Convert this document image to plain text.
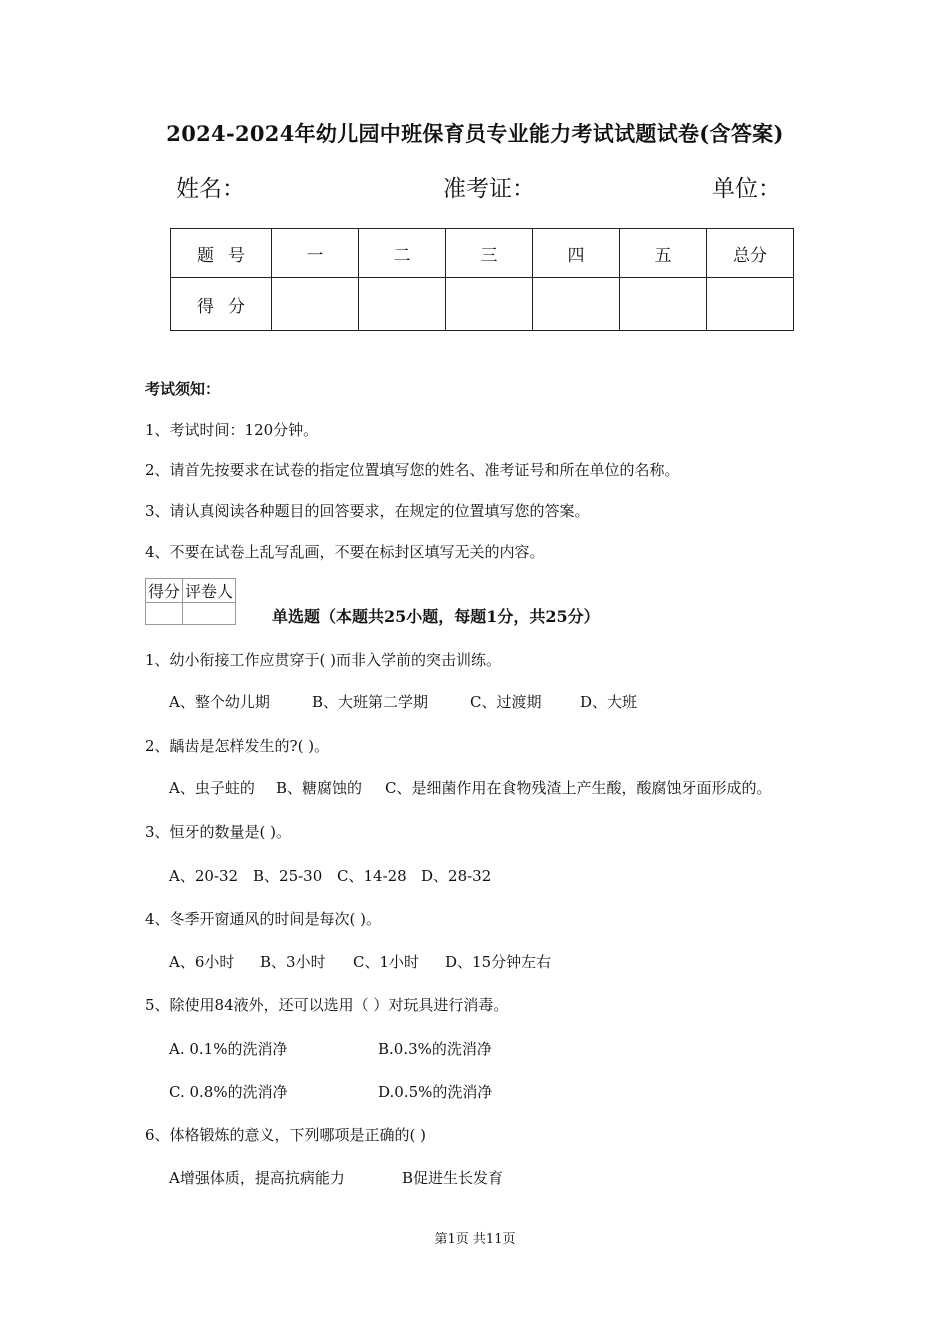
2024-2024年幼儿园中班保育员专业能力考试试题试卷(含答案)
姓名：	准考证：	单位：
题号	一	二	三	四	五	总分
得分						
考试须知：
1、考试时间：120分钟。
2、请首先按要求在试卷的指定位置填写您的姓名、准考证号和所在单位的名称。
3、请认真阅读各种题目的回答要求，在规定的位置填写您的答案。
4、不要在试卷上乱写乱画，不要在标封区填写无关的内容。
得分	评卷人

单选题（本题共25小题，每题1分，共25分）
1、幼小衔接工作应贯穿于( )而非入学前的突击训练。
A、整个幼儿期	B、大班第二学期	C、过渡期	D、大班
2、龋齿是怎样发生的?( )。
A、虫子蛀的 B、糖腐蚀的 C、是细菌作用在食物残渣上产生酸，酸腐蚀牙面形成的。
3、恒牙的数量是( )。
A、20-32 B、25-30 C、14-28 D、28-32
4、冬季开窗通风的时间是每次( )。
A、6小时 B、3小时 C、1小时 D、15分钟左右
5、除使用84液外，还可以选用（ ）对玩具进行消毒。
A. 0.1%的洗消净	B.0.3%的洗消净
C. 0.8%的洗消净	D.0.5%的洗消净
6、体格锻炼的意义，下列哪项是正确的( )
A增强体质，提高抗病能力	B促进生长发育
第1页 共11页
